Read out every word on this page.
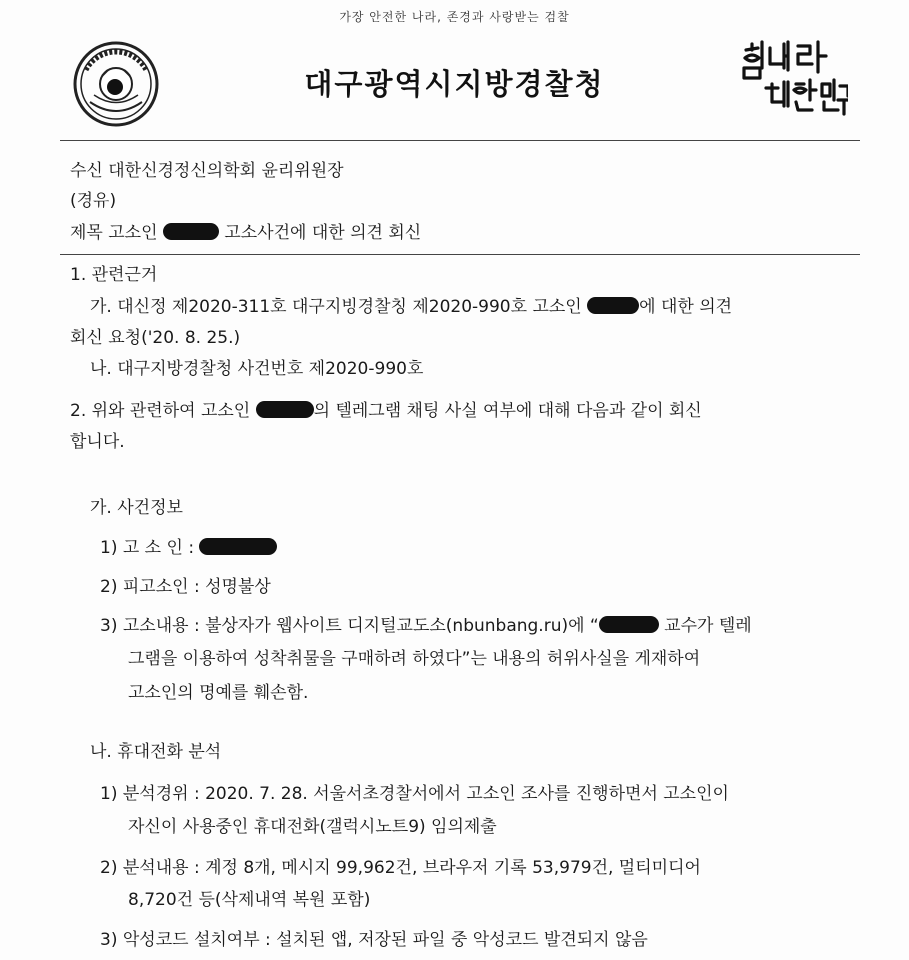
가장 안전한 나라, 존경과 사랑받는 검찰
대구광역시지방경찰청
수신 대한신경정신의학회 윤리위원장
(경유)
제목 고소인	고소사건에 대한 의견 회신
1. 관련근거
가. 대신정 제2020-311호 대구지빙경찰칭 제2020-990호 고소인	에 대한 의견
회신 요청('20. 8. 25.)
나. 대구지방경찰청 사건번호 제2020-990호
2. 위와 관련하여 고소인	의 텔레그램 채팅 사실 여부에 대해 다음과 같이 회신
합니다.
가. 사건정보
1) 고 소 인 :
2) 피고소인 : 성명불상
3) 고소내용 : 불상자가 웹사이트 디지털교도소(nbunbang.ru)에 “	교수가 텔레
그램을 이용하여 성착취물을 구매하려 하였다”는 내용의 허위사실을 게재하여
고소인의 명예를 훼손함.
나. 휴대전화 분석
1) 분석경위 : 2020. 7. 28. 서울서초경찰서에서 고소인 조사를 진행하면서 고소인이
자신이 사용중인 휴대전화(갤럭시노트9) 임의제출
2) 분석내용 : 계정 8개, 메시지 99,962건, 브라우저 기록 53,979건, 멀티미디어
8,720건 등(삭제내역 복원 포함)
3) 악성코드 설치여부 : 설치된 앱, 저장된 파일 중 악성코드 발견되지 않음
